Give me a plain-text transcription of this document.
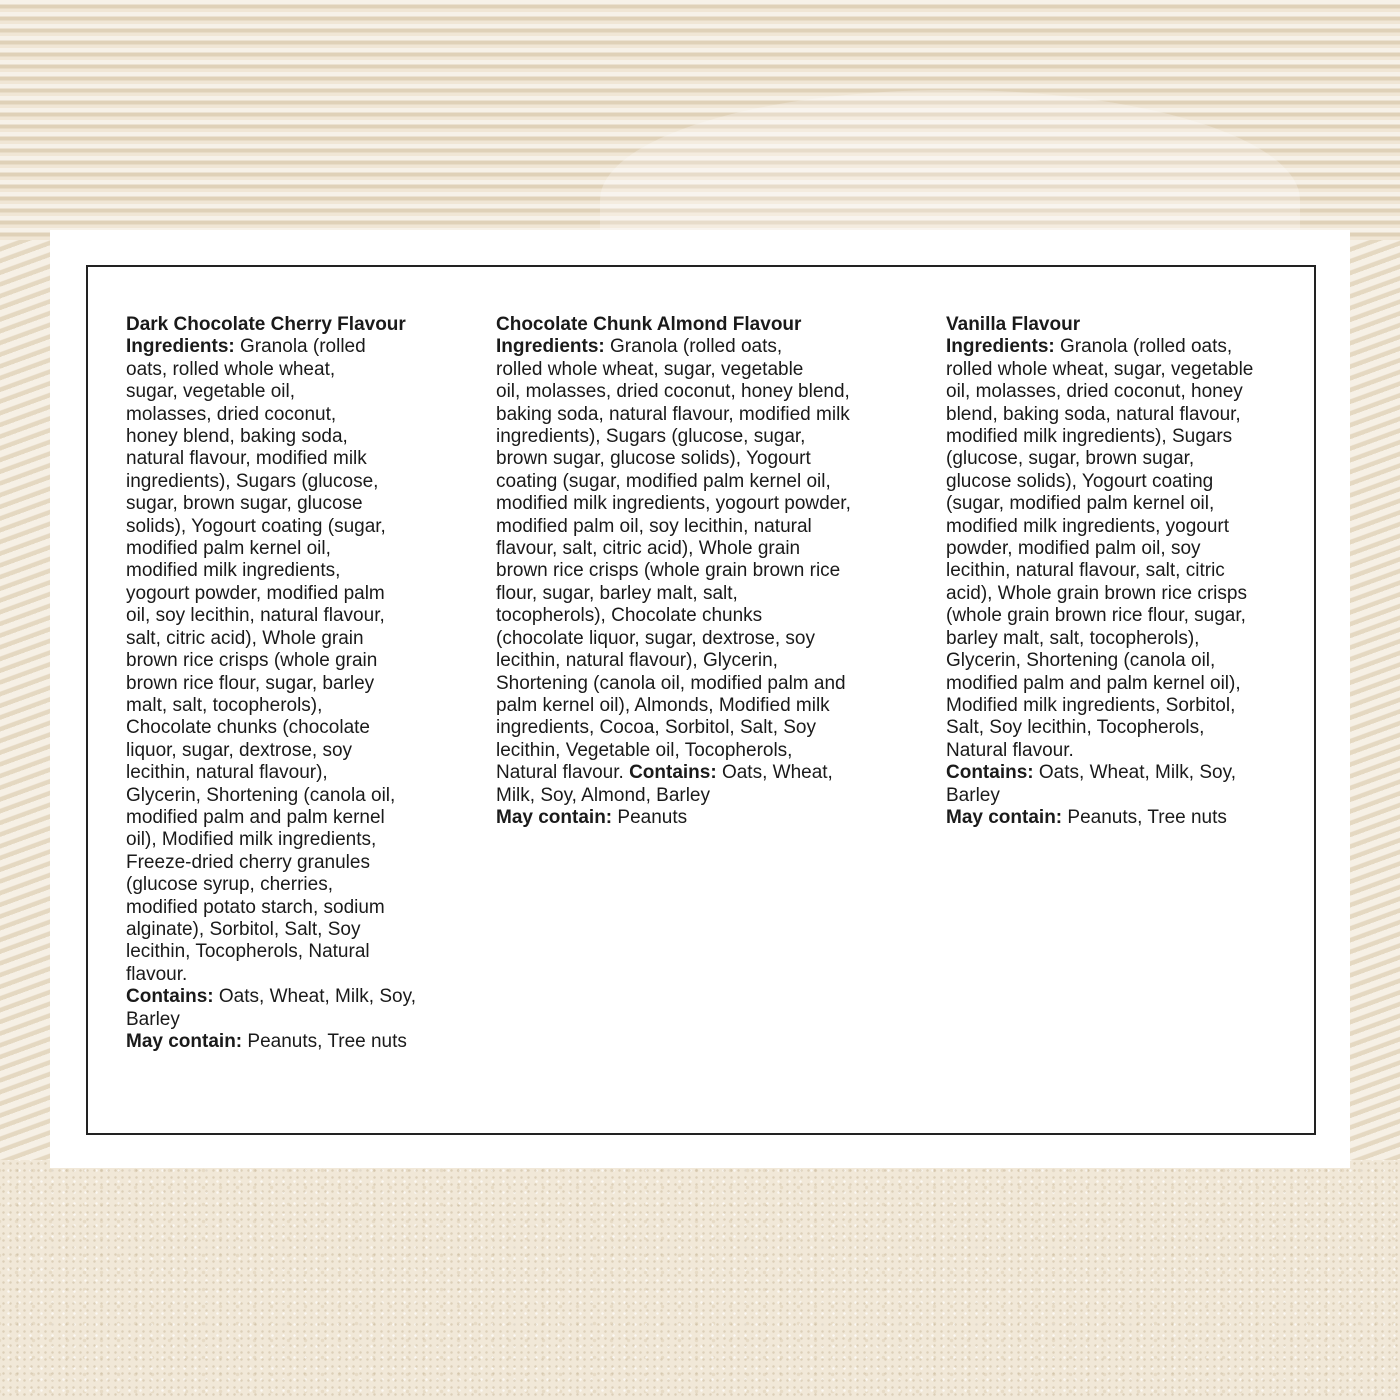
Dark Chocolate Cherry Flavour
Ingredients: Granola (rolled
oats, rolled whole wheat,
sugar, vegetable oil,
molasses, dried coconut,
honey blend, baking soda,
natural flavour, modified milk
ingredients), Sugars (glucose,
sugar, brown sugar, glucose
solids), Yogourt coating (sugar,
modified palm kernel oil,
modified milk ingredients,
yogourt powder, modified palm
oil, soy lecithin, natural flavour,
salt, citric acid), Whole grain
brown rice crisps (whole grain
brown rice flour, sugar, barley
malt, salt, tocopherols),
Chocolate chunks (chocolate
liquor, sugar, dextrose, soy
lecithin, natural flavour),
Glycerin, Shortening (canola oil,
modified palm and palm kernel
oil), Modified milk ingredients,
Freeze-dried cherry granules
(glucose syrup, cherries,
modified potato starch, sodium
alginate), Sorbitol, Salt, Soy
lecithin, Tocopherols, Natural
flavour.
Contains: Oats, Wheat, Milk, Soy,
Barley
May contain: Peanuts, Tree nuts
Chocolate Chunk Almond Flavour
Ingredients: Granola (rolled oats,
rolled whole wheat, sugar, vegetable
oil, molasses, dried coconut, honey blend,
baking soda, natural flavour, modified milk
ingredients), Sugars (glucose, sugar,
brown sugar, glucose solids), Yogourt
coating (sugar, modified palm kernel oil,
modified milk ingredients, yogourt powder,
modified palm oil, soy lecithin, natural
flavour, salt, citric acid), Whole grain
brown rice crisps (whole grain brown rice
flour, sugar, barley malt, salt,
tocopherols), Chocolate chunks
(chocolate liquor, sugar, dextrose, soy
lecithin, natural flavour), Glycerin,
Shortening (canola oil, modified palm and
palm kernel oil), Almonds, Modified milk
ingredients, Cocoa, Sorbitol, Salt, Soy
lecithin, Vegetable oil, Tocopherols,
Natural flavour. Contains: Oats, Wheat,
Milk, Soy, Almond, Barley
May contain: Peanuts
Vanilla Flavour
Ingredients: Granola (rolled oats,
rolled whole wheat, sugar, vegetable
oil, molasses, dried coconut, honey
blend, baking soda, natural flavour,
modified milk ingredients), Sugars
(glucose, sugar, brown sugar,
glucose solids), Yogourt coating
(sugar, modified palm kernel oil,
modified milk ingredients, yogourt
powder, modified palm oil, soy
lecithin, natural flavour, salt, citric
acid), Whole grain brown rice crisps
(whole grain brown rice flour, sugar,
barley malt, salt, tocopherols),
Glycerin, Shortening (canola oil,
modified palm and palm kernel oil),
Modified milk ingredients, Sorbitol,
Salt, Soy lecithin, Tocopherols,
Natural flavour.
Contains: Oats, Wheat, Milk, Soy,
Barley
May contain: Peanuts, Tree nuts
